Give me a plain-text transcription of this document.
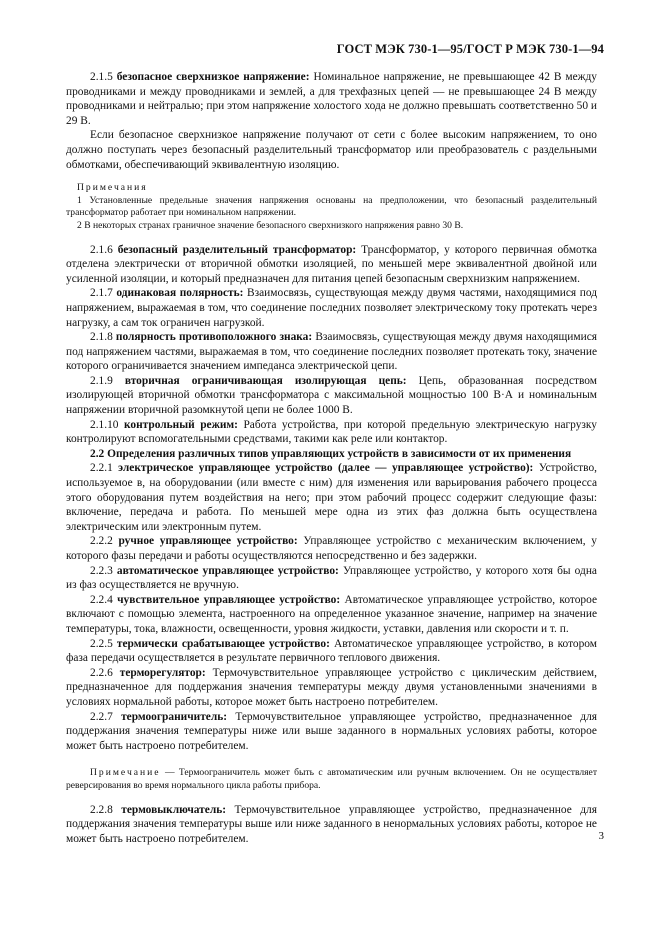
ГОСТ МЭК 730-1—95/ГОСТ Р МЭК 730-1—94

2.1.5 безопасное сверхнизкое напряжение: Номинальное напряжение, не превышающее 42 В между проводниками и между проводниками и землей, а для трехфазных цепей — не превышающее 24 В между проводниками и нейтралью; при этом напряжение холостого хода не должно превышать соответственно 50 и 29 В.

Если безопасное сверхнизкое напряжение получают от сети с более высоким напряжением, то оно должно поступать через безопасный разделительный трансформатор или преобразователь с раздельными обмотками, обеспечивающий эквивалентную изоляцию.

Примечания

1 Установленные предельные значения напряжения основаны на предположении, что безопасный разделительный трансформатор работает при номинальном напряжении.

2 В некоторых странах граничное значение безопасного сверхнизкого напряжения равно 30 В.

2.1.6 безопасный разделительный трансформатор: Трансформатор, у которого первичная обмотка отделена электрически от вторичной обмотки изоляцией, по меньшей мере эквивалентной двойной или усиленной изоляции, и который предназначен для питания цепей безопасным сверхнизким напряжением.

2.1.7 одинаковая полярность: Взаимосвязь, существующая между двумя частями, находящимися под напряжением, выражаемая в том, что соединение последних позволяет электрическому току протекать через нагрузку, а сам ток ограничен нагрузкой.

2.1.8 полярность противоположного знака: Взаимосвязь, существующая между двумя находящимися под напряжением частями, выражаемая в том, что соединение последних позволяет протекать току, значение которого ограничивается значением импеданса электрической цепи.

2.1.9 вторичная ограничивающая изолирующая цепь: Цепь, образованная посредством изолирующей вторичной обмотки трансформатора с максимальной мощностью 100 В·А и номинальным напряжении вторичной разомкнутой цепи не более 1000 В.

2.1.10 контрольный режим: Работа устройства, при которой предельную электрическую нагрузку контролируют вспомогательными средствами, такими как реле или контактор.

2.2 Определения различных типов управляющих устройств в зависимости от их применения

2.2.1 электрическое управляющее устройство (далее — управляющее устройство): Устройство, используемое в, на оборудовании (или вместе с ним) для изменения или варьирования рабочего процесса этого оборудования путем воздействия на него; при этом рабочий процесс содержит следующие фазы: включение, передача и работа. По меньшей мере одна из этих фаз должна быть осуществлена электрическим или электронным путем.

2.2.2 ручное управляющее устройство: Управляющее устройство с механическим включением, у которого фазы передачи и работы осуществляются непосредственно и без задержки.

2.2.3 автоматическое управляющее устройство: Управляющее устройство, у которого хотя бы одна из фаз осуществляется не вручную.

2.2.4 чувствительное управляющее устройство: Автоматическое управляющее устройство, которое включают с помощью элемента, настроенного на определенное указанное значение, например на значение температуры, тока, влажности, освещенности, уровня жидкости, уставки, давления или скорости и т. п.

2.2.5 термически срабатывающее устройство: Автоматическое управляющее устройство, в котором фаза передачи осуществляется в результате первичного теплового движения.

2.2.6 терморегулятор: Термочувствительное управляющее устройство с циклическим действием, предназначенное для поддержания значения температуры между двумя установленными значениями в условиях нормальной работы, которое может быть настроено потребителем.

2.2.7 термоограничитель: Термочувствительное управляющее устройство, предназначенное для поддержания значения температуры ниже или выше заданного в нормальных условиях работы, которое может быть настроено потребителем.

Примечание — Термоограничитель может быть с автоматическим или ручным включением. Он не осуществляет реверсирования во время нормального цикла работы прибора.

2.2.8 термовыключатель: Термочувствительное управляющее устройство, предназначенное для поддержания значения температуры выше или ниже заданного в ненормальных условиях работы, которое не может быть настроено потребителем.	3
